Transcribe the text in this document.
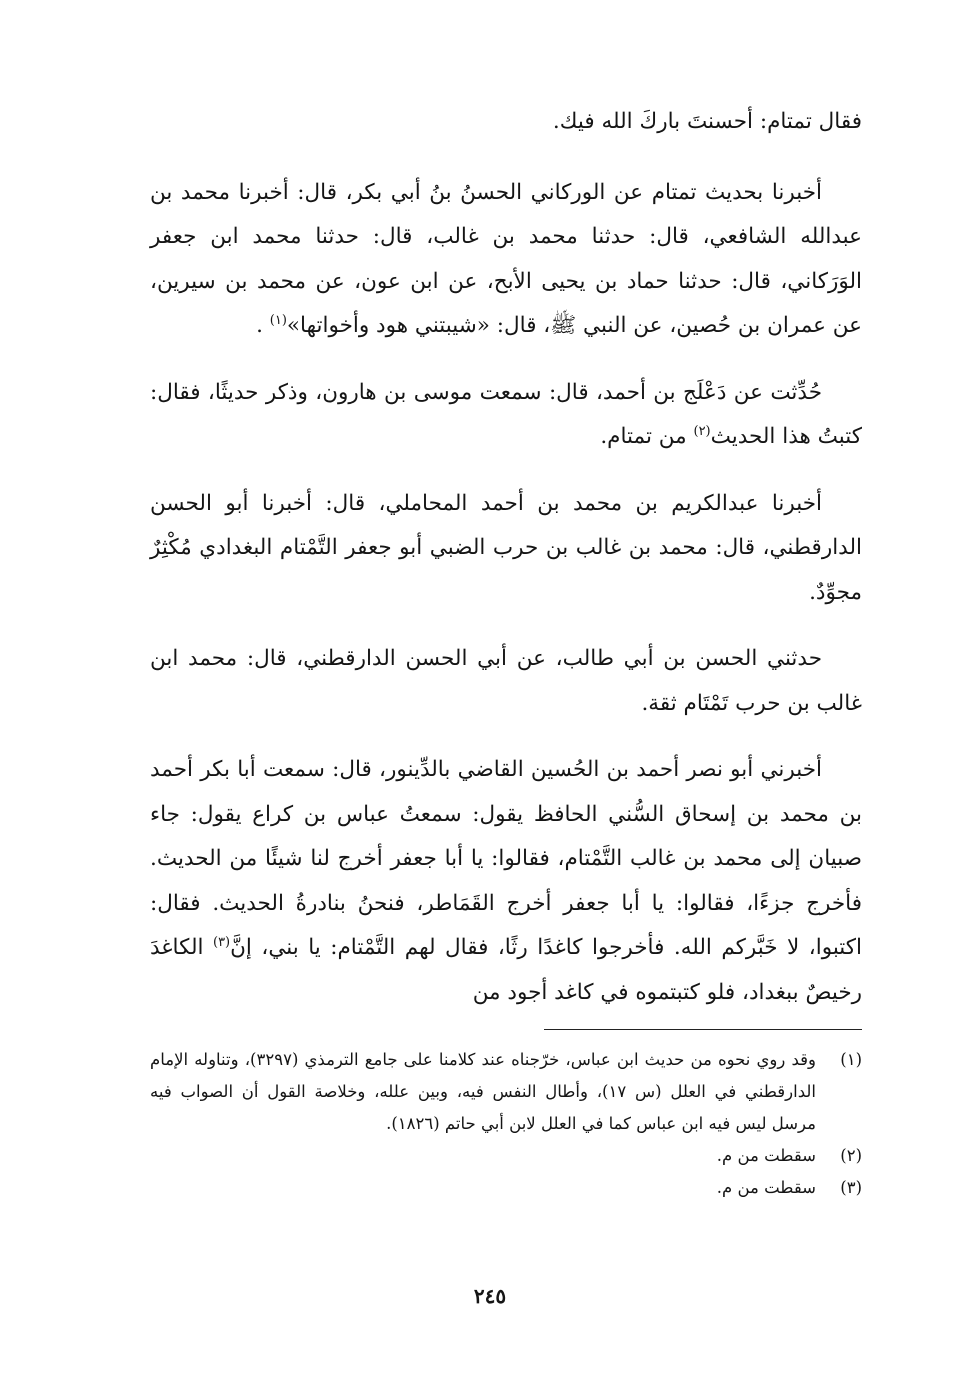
فقال تمتام: أحسنتَ باركَ الله فيك.

أخبرنا بحديث تمتام عن الوركاني الحسنُ بنُ أبي بكر، قال: أخبرنا محمد بن عبدالله الشافعي، قال: حدثنا محمد بن غالب، قال: حدثنا محمد ابن جعفر الوَرَكاني، قال: حدثنا حماد بن يحيى الأبح، عن ابن عون، عن محمد بن سيرين، عن عمران بن حُصين، عن النبي ﷺ، قال: «شيبتني هود وأخواتها»$^{(١)}$ .

حُدِّثت عن دَعْلَج بن أحمد، قال: سمعت موسى بن هارون، وذكر حديثًا، فقال: كتبتُ هذا الحديث$^{(٢)}$ من تمتام.

أخبرنا عبدالكريم بن محمد بن أحمد المحاملي، قال: أخبرنا أبو الحسن الدارقطني، قال: محمد بن غالب بن حرب الضبي أبو جعفر التَّمْتام البغدادي مُكْثِرٌ مجوِّدٌ.

حدثني الحسن بن أبي طالب، عن أبي الحسن الدارقطني، قال: محمد ابن غالب بن حرب تَمْتَام ثقة.

أخبرني أبو نصر أحمد بن الحُسين القاضي بالدِّينور، قال: سمعت أبا بكر أحمد بن محمد بن إسحاق السُّني الحافظ يقول: سمعتُ عباس بن كراع يقول: جاء صبيان إلى محمد بن غالب التَّمْتام، فقالوا: يا أبا جعفر أخرج لنا شيئًا من الحديث. فأخرج جزءًا، فقالوا: يا أبا جعفر أخرج القَمَاطر، فنحنُ بنادرةُ الحديث. فقال: اكتبوا، لا خَبَّركم الله. فأخرجوا كاغدًا رثًا، فقال لهم التَّمْتام: يا بني، إنَّ$^{(٣)}$ الكاغدَ رخيصٌ ببغداد، فلو كتبتموه في كاغد أجود من

(١)
وقد روي نحوه من حديث ابن عباس، خرّجناه عند كلامنا على جامع الترمذي (٣٢٩٧)، وتناوله الإمام الدارقطني في العلل (س ١٧)، وأطال النفس فيه، وبين علله، وخلاصة القول أن الصواب فيه مرسل ليس فيه ابن عباس كما في العلل لابن أبي حاتم (١٨٢٦).
(٢)
سقطت من م.
(٣)
سقطت من م.
٢٤٥
